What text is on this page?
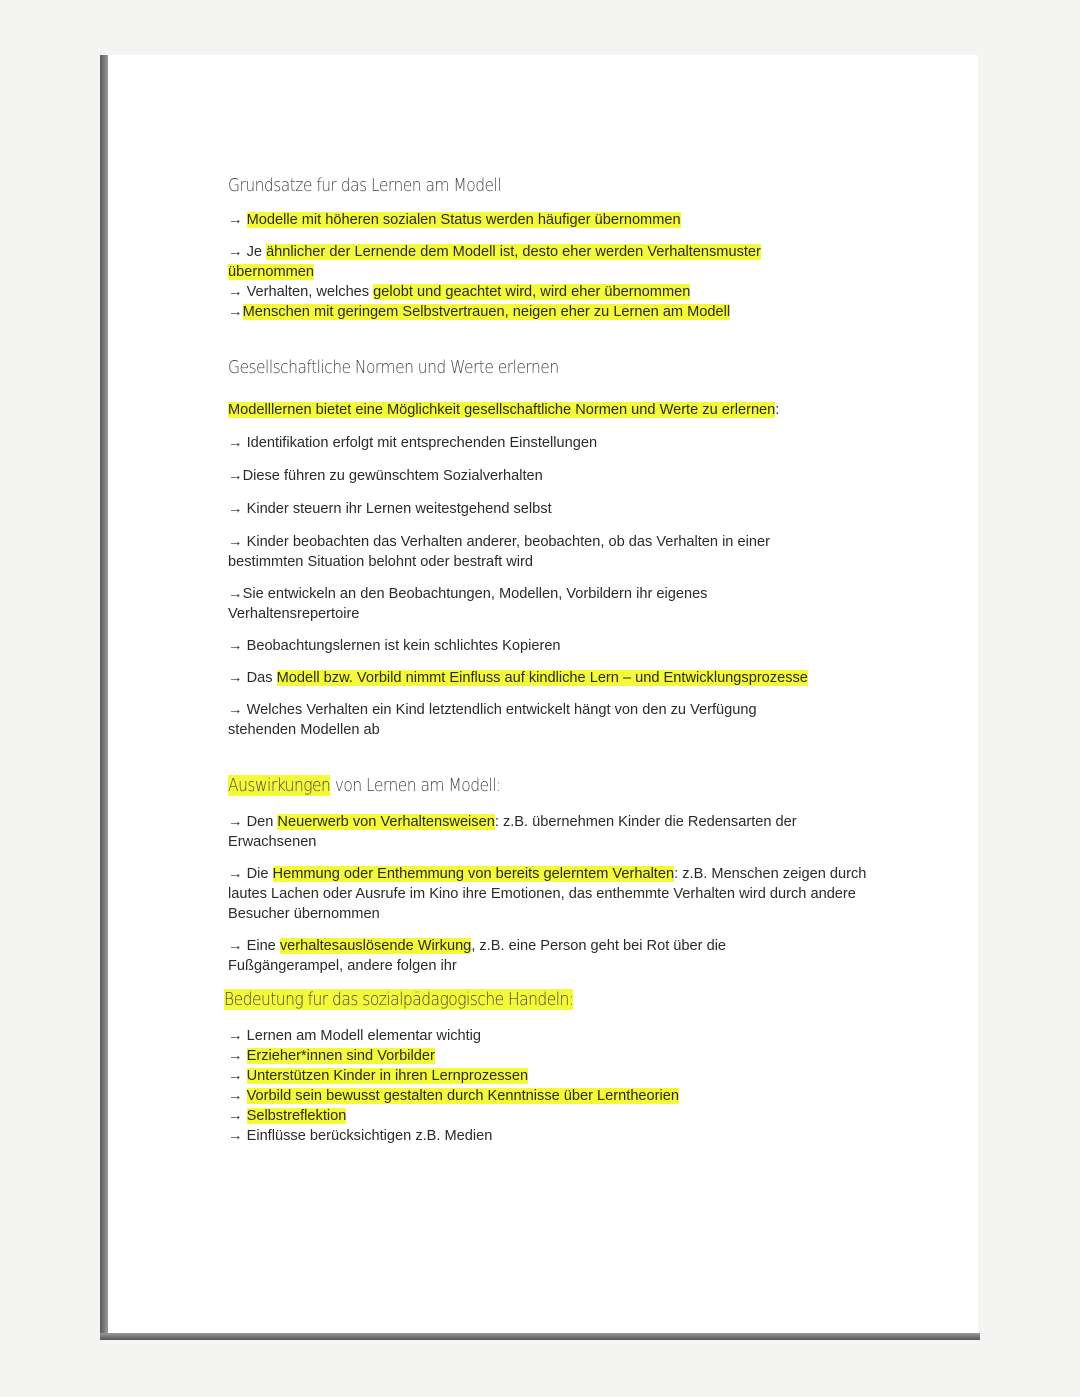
Grundsatze fur das Lernen am Modell
→ Modelle mit höheren sozialen Status werden häufiger übernommen
→ Je ähnlicher der Lernende dem Modell ist, desto eher werden Verhaltensmuster übernommen
→ Verhalten, welches gelobt und geachtet wird, wird eher übernommen
→Menschen mit geringem Selbstvertrauen, neigen eher zu Lernen am Modell
Gesellschaftliche Normen und Werte erlernen
Modelllernen bietet eine Möglichkeit gesellschaftliche Normen und Werte zu erlernen:
→ Identifikation erfolgt mit entsprechenden Einstellungen
→Diese führen zu gewünschtem Sozialverhalten
→ Kinder steuern ihr Lernen weitestgehend selbst
→ Kinder beobachten das Verhalten anderer, beobachten, ob das Verhalten in einer bestimmten Situation belohnt oder bestraft wird
→Sie entwickeln an den Beobachtungen, Modellen, Vorbildern ihr eigenes Verhaltensrepertoire
→ Beobachtungslernen ist kein schlichtes Kopieren
→ Das Modell bzw. Vorbild nimmt Einfluss auf kindliche Lern – und Entwicklungsprozesse
→ Welches Verhalten ein Kind letztendlich entwickelt hängt von den zu Verfügung stehenden Modellen ab
Auswirkungen von Lernen am Modell:
→ Den Neuerwerb von Verhaltensweisen: z.B. übernehmen Kinder die Redensarten der Erwachsenen
→ Die Hemmung oder Enthemmung von bereits gelerntem Verhalten: z.B. Menschen zeigen durch lautes Lachen oder Ausrufe im Kino ihre Emotionen, das enthemmte Verhalten wird durch andere Besucher übernommen
→ Eine verhaltesauslösende Wirkung, z.B. eine Person geht bei Rot über die Fußgängerampel, andere folgen ihr
Bedeutung fur das sozialpädagogische Handeln:
→ Lernen am Modell elementar wichtig
→ Erzieher*innen sind Vorbilder
→ Unterstützen Kinder in ihren Lernprozessen
→ Vorbild sein bewusst gestalten durch Kenntnisse über Lerntheorien
→ Selbstreflektion
→ Einflüsse berücksichtigen z.B. Medien
